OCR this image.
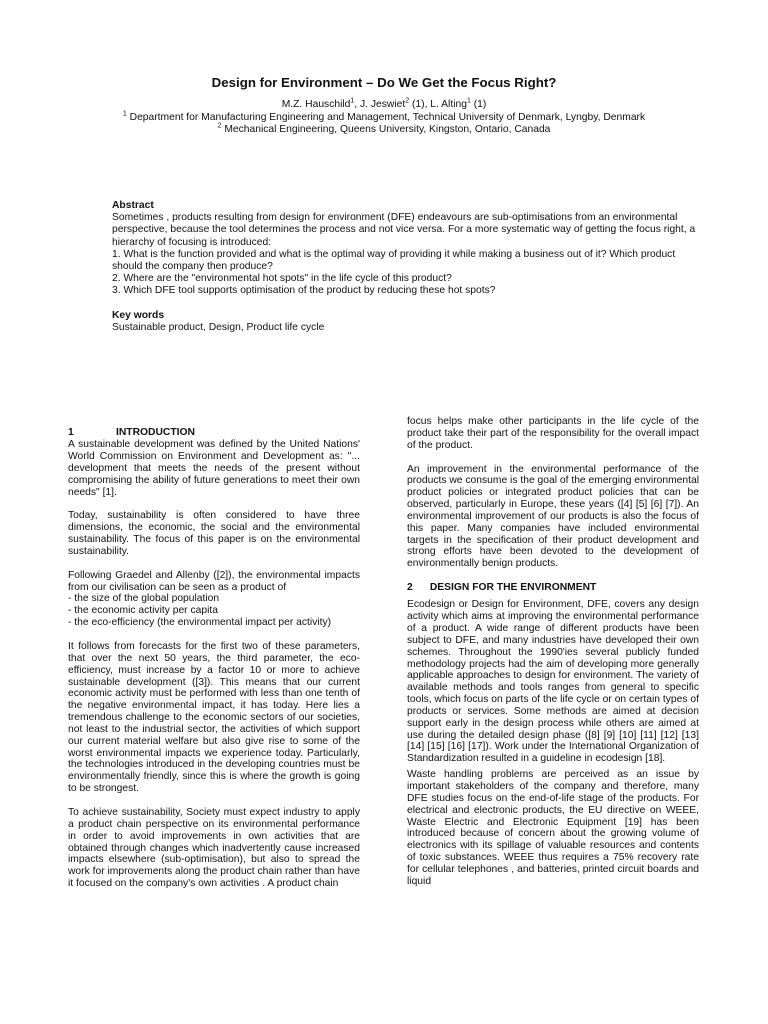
Design for Environment – Do We Get the Focus Right?
M.Z. Hauschild$^1$, J. Jeswiet$^2$ (1), L. Alting$^1$ (1)
$^1$ Department for Manufacturing Engineering and Management, Technical University of Denmark, Lyngby, Denmark
$^2$ Mechanical Engineering, Queens University, Kingston, Ontario, Canada
Abstract

Sometimes , products resulting from design for environment (DFE) endeavours are sub-optimisations from an environmental perspective, because the tool determines the process and not vice versa. For a more systematic way of getting the focus right, a hierarchy of focusing is introduced:

1. What is the function provided and what is the optimal way of providing it while making a business out of it? Which product should the company then produce?

2. Where are the "environmental hot spots" in the life cycle of this product?

3. Which DFE tool supports optimisation of the product by reducing these hot spots?

Key words

Sustainable product, Design, Product life cycle

1	INTRODUCTION

A sustainable development was defined by the United Nations' World Commission on Environment and Development as: "... development that meets the needs of the present without compromising the ability of future generations to meet their own needs" [1].

Today, sustainability is often considered to have three dimensions, the economic, the social and the environmental sustainability. The focus of this paper is on the environmental sustainability.

Following Graedel and Allenby ([2]), the environmental impacts from our civilisation can be seen as a product of

- the size of the global population
- the economic activity per capita
- the eco-efficiency (the environmental impact per activity)

It follows from forecasts for the first two of these parameters, that over the next 50 years, the third parameter, the eco-efficiency, must increase by a factor 10 or more to achieve sustainable development ([3]). This means that our current economic activity must be performed with less than one tenth of the negative environmental impact, it has today. Here lies a tremendous challenge to the economic sectors of our societies, not least to the industrial sector, the activities of which support our current material welfare but also give rise to some of the worst environmental impacts we experience today. Particularly, the technologies introduced in the developing countries must be environmentally friendly, since this is where the growth is going to be strongest.

To achieve sustainability, Society must expect industry to apply a product chain perspective on its environmental performance in order to avoid improvements in own activities that are obtained through changes which inadvertently cause increased impacts elsewhere (sub-optimisation), but also to spread the work for improvements along the product chain rather than have it focused on the company's own activities . A product chain

focus helps make other participants in the life cycle of the product take their part of the responsibility for the overall impact of the product.

An improvement in the environmental performance of the products we consume is the goal of the emerging environmental product policies or integrated product policies that can be observed, particularly in Europe, these years ([4] [5] [6] [7]). An environmental improvement of our products is also the focus of this paper. Many companies have included environmental targets in the specification of their product development and strong efforts have been devoted to the development of environmentally benign products.

2 DESIGN FOR THE ENVIRONMENT

Ecodesign or Design for Environment, DFE, covers any design activity which aims at improving the environmental performance of a product. A wide range of different products have been subject to DFE, and many industries have developed their own schemes. Throughout the 1990'ies several publicly funded methodology projects had the aim of developing more generally applicable approaches to design for environment. The variety of available methods and tools ranges from general to specific tools, which focus on parts of the life cycle or on certain types of products or services. Some methods are aimed at decision support early in the design process while others are aimed at use during the detailed design phase ([8] [9] [10] [11] [12] [13] [14] [15] [16] [17]). Work under the International Organization of Standardization resulted in a guideline in ecodesign [18].

Waste handling problems are perceived as an issue by important stakeholders of the company and therefore, many DFE studies focus on the end-of-life stage of the products. For electrical and electronic products, the EU directive on WEEE, Waste Electric and Electronic Equipment [19] has been introduced because of concern about the growing volume of electronics with its spillage of valuable resources and contents of toxic substances. WEEE thus requires a 75% recovery rate for cellular telephones , and batteries, printed circuit boards and liquid
